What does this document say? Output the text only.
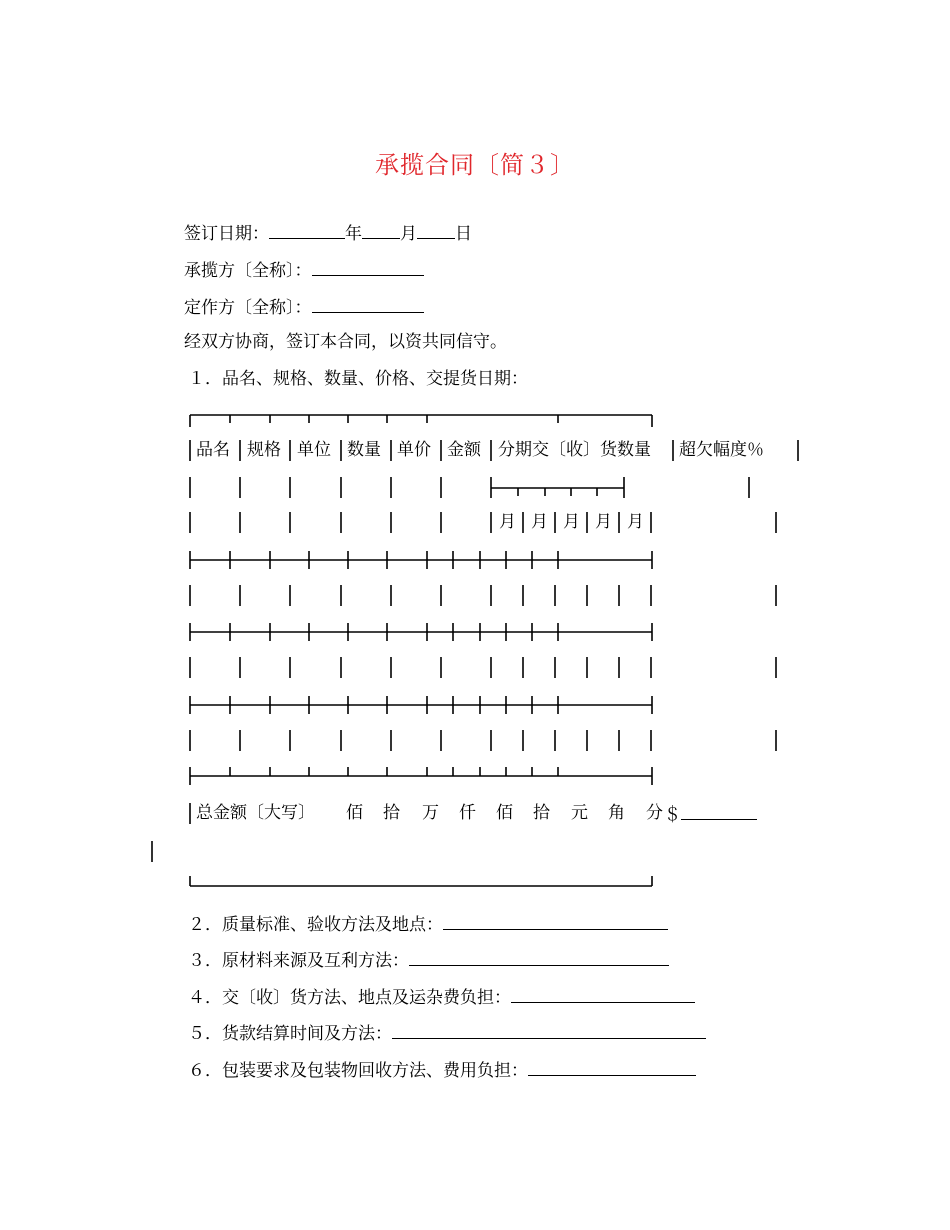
承揽合同〔简３〕
签订日期：	年 月 日
承揽方〔全称〕：
定作方〔全称〕：
经双方协商，签订本合同，以资共同信守。
１．品名、规格、数量、价格、交提货日期：
品名 规格 单位 数量 单价 金额 分期交〔收〕货数量 超欠幅度％
月 月 月 月 月
总金额〔大写〕 佰 拾 万 仟 佰 拾 元 角 分 ＄
２．质量标准、验收方法及地点：
３．原材料来源及互利方法：
４．交〔收〕货方法、地点及运杂费负担：
５．货款结算时间及方法：
６．包装要求及包装物回收方法、费用负担：
